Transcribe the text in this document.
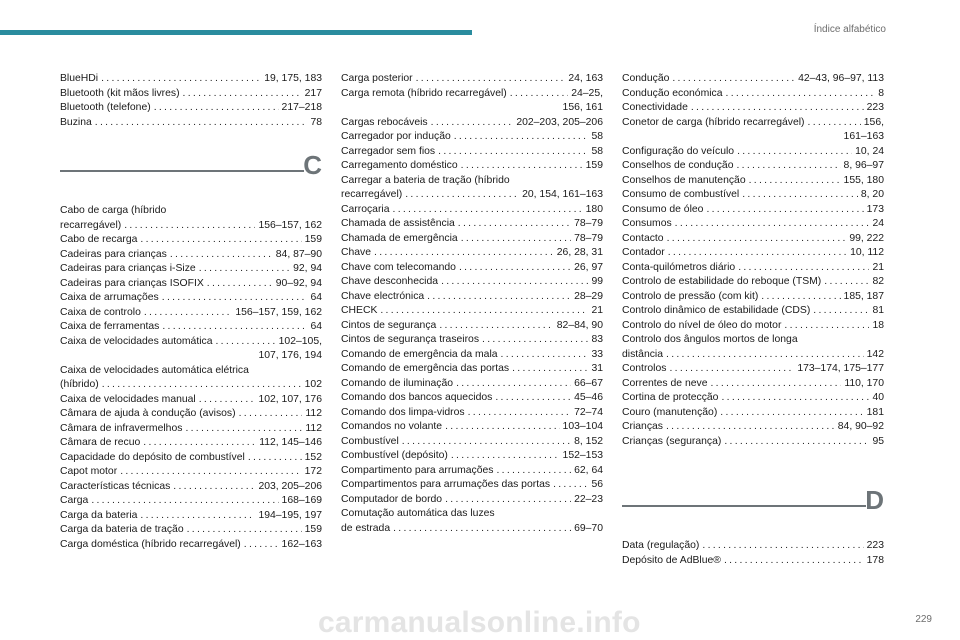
Índice alfabético
BlueHDi . . .	19, 175, 183
Bluetooth (kit mãos livres) . . .	217
Bluetooth (telefone) . . .	217–218
Buzina . . .	78
C
Cabo de carga (híbrido
recarregável) . . .	156–157, 162
Cabo de recarga . . .	159
Cadeiras para crianças . . .	84, 87–90
Cadeiras para crianças i-Size . . .	92, 94
Cadeiras para crianças ISOFIX . . .	90–92, 94
Caixa de arrumações . . .	64
Caixa de controlo . . .	156–157, 159, 162
Caixa de ferramentas . . .	64
Caixa de velocidades automática . . .	102–105,
107, 176, 194
Caixa de velocidades automática elétrica
(híbrido) . . .	102
Caixa de velocidades manual . . .	102, 107, 176
Câmara de ajuda à condução (avisos) . . .	112
Câmara de infravermelhos . . .	112
Câmara de recuo . . .	112, 145–146
Capacidade do depósito de combustível . . .	152
Capot motor . . .	172
Características técnicas . . .	203, 205–206
Carga . . .	168–169
Carga da bateria . . .	194–195, 197
Carga da bateria de tração . . .	159
Carga doméstica (híbrido recarregável) . . .	162–163
Carga posterior . . .	24, 163
Carga remota (híbrido recarregável) . . .	24–25,
156, 161
Cargas rebocáveis . . .	202–203, 205–206
Carregador por indução . . .	58
Carregador sem fios . . .	58
Carregamento doméstico . . .	159
Carregar a bateria de tração (híbrido
recarregável) . . .	20, 154, 161–163
Carroçaria . . .	180
Chamada de assistência . . .	78–79
Chamada de emergência . . .	78–79
Chave . . .	26, 28, 31
Chave com telecomando . . .	26, 97
Chave desconhecida . . .	99
Chave electrónica . . .	28–29
CHECK . . .	21
Cintos de segurança . . .	82–84, 90
Cintos de segurança traseiros . . .	83
Comando de emergência da mala . . .	33
Comando de emergência das portas . . .	31
Comando de iluminação . . .	66–67
Comando dos bancos aquecidos . . .	45–46
Comando dos limpa-vidros . . .	72–74
Comandos no volante . . .	103–104
Combustível . . .	8, 152
Combustível (depósito) . . .	152–153
Compartimento para arrumações . . .	62, 64
Compartimentos para arrumações das portas . . .	56
Computador de bordo . . .	22–23
Comutação automática das luzes
de estrada . . .	69–70
Condução . . .	42–43, 96–97, 113
Condução económica . . .	8
Conectividade . . .	223
Conetor de carga (híbrido recarregável) . . .	156,
161–163
Configuração do veículo . . .	10, 24
Conselhos de condução . . .	8, 96–97
Conselhos de manutenção . . .	155, 180
Consumo de combustível . . .	8, 20
Consumo de óleo . . .	173
Consumos . . .	24
Contacto . . .	99, 222
Contador . . .	10, 112
Conta-quilómetros diário . . .	21
Controlo de estabilidade do reboque (TSM) . . .	82
Controlo de pressão (com kit) . . .	185, 187
Controlo dinâmico de estabilidade (CDS) . . .	81
Controlo do nível de óleo do motor . . .	18
Controlo dos ângulos mortos de longa
distância . . .	142
Controlos . . .	173–174, 175–177
Correntes de neve . . .	110, 170
Cortina de protecção . . .	40
Couro (manutenção) . . .	181
Crianças . . .	84, 90–92
Crianças (segurança) . . .	95
D
Data (regulação) . . .	223
Depósito de AdBlue® . . .	178
carmanualsonline.info	229
